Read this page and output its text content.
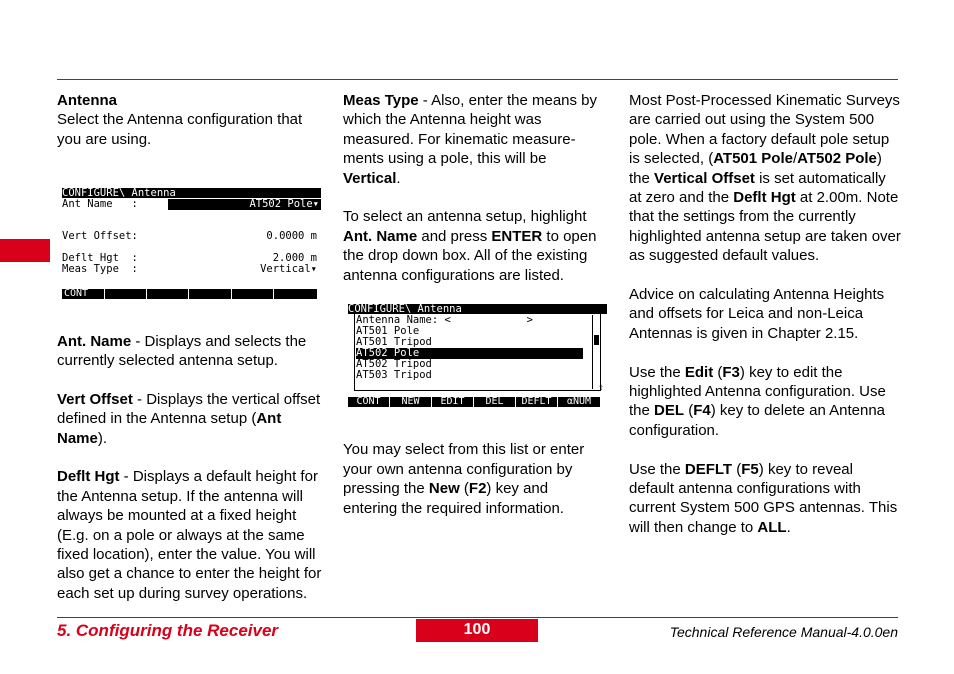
Antenna

Select the Antenna configuration that you are using.

CONFIGURE\ Antenna

Ant Name   :

	AT502 Pole▾

Vert Offset:

	0.0000 m

Deflt Hgt  :

	2.000 m

Meas Type  :

	Vertical▾

CONT

Ant. Name - Displays and selects the currently selected antenna setup.

Vert Offset - Displays the vertical offset defined in the Antenna setup (Ant Name).

Deflt Hgt - Displays a default height for the Antenna setup. If the antenna will always be mounted at a fixed height (E.g. on a pole or always at the same fixed location), enter the value. You will also get a chance to enter the height for each set up during survey operations.

Meas Type - Also, enter the means by which the Antenna height was measured. For kinematic measure-ments using a pole, this will be Vertical.

To select an antenna setup, highlight Ant. Name and press ENTER to open the drop down box. All of the existing antenna configurations are listed.

CONFIGURE\ Antenna

Antenna Name: <            >

AT501 Pole

AT501 Tripod

AT502 Pole

AT502 Tripod

AT503 Tripod

⇧

CONT	NEW	EDIT	DEL	DEFLT	αNUM

You may select from this list or enter your own antenna configuration by pressing the New (F2) key and entering the required information.

Most Post-Processed Kinematic Surveys are carried out using the System 500 pole. When a factory default pole setup is selected, (AT501 Pole/AT502 Pole) the Vertical Offset is set automatically at zero and the Deflt Hgt at 2.00m. Note that the settings from the currently highlighted antenna setup are taken over as suggested default values.

Advice on calculating Antenna Heights and offsets for Leica and non-Leica Antennas is given in Chapter 2.15.

Use the Edit (F3) key to edit the highlighted Antenna configuration. Use the DEL (F4) key to delete an Antenna configuration.

Use the DEFLT (F5) key to reveal default antenna configurations with current System 500 GPS antennas. This will then change to ALL.

5. Configuring the Receiver	100	Technical Reference Manual-4.0.0en
